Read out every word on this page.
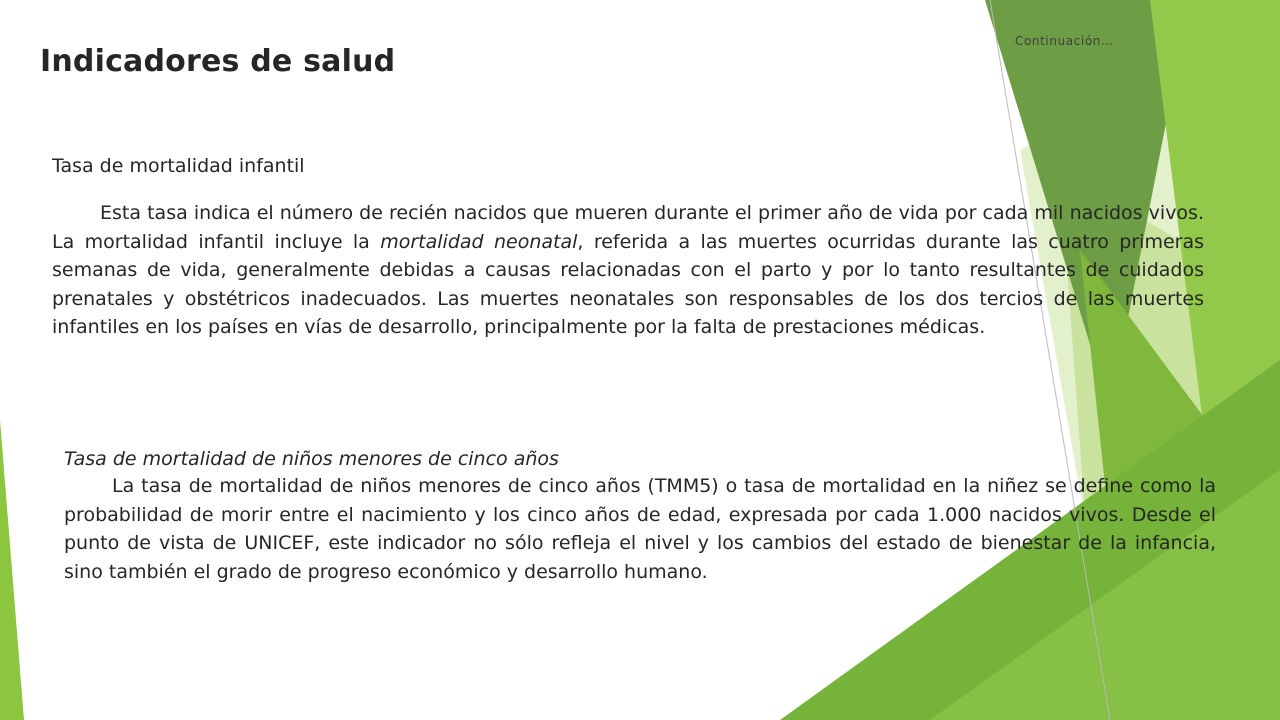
Indicadores de salud
Continuación…
Tasa de mortalidad infantil

Esta tasa indica el número de recién nacidos que mueren durante el primer año de vida por cada mil nacidos vivos. La mortalidad infantil incluye la mortalidad neonatal, referida a las muertes ocurridas durante las cuatro primeras semanas de vida, generalmente debidas a causas relacionadas con el parto y por lo tanto resultantes de cuidados prenatales y obstétricos inadecuados. Las muertes neonatales son responsables de los dos tercios de las muertes infantiles en los países en vías de desarrollo, principalmente por la falta de prestaciones médicas.

Tasa de mortalidad de niños menores de cinco años

La tasa de mortalidad de niños menores de cinco años (TMM5) o tasa de mortalidad en la niñez se define como la probabilidad de morir entre el nacimiento y los cinco años de edad, expresada por cada 1.000 nacidos vivos. Desde el punto de vista de UNICEF, este indicador no sólo refleja el nivel y los cambios del estado de bienestar de la infancia, sino también el grado de progreso económico y desarrollo humano.
